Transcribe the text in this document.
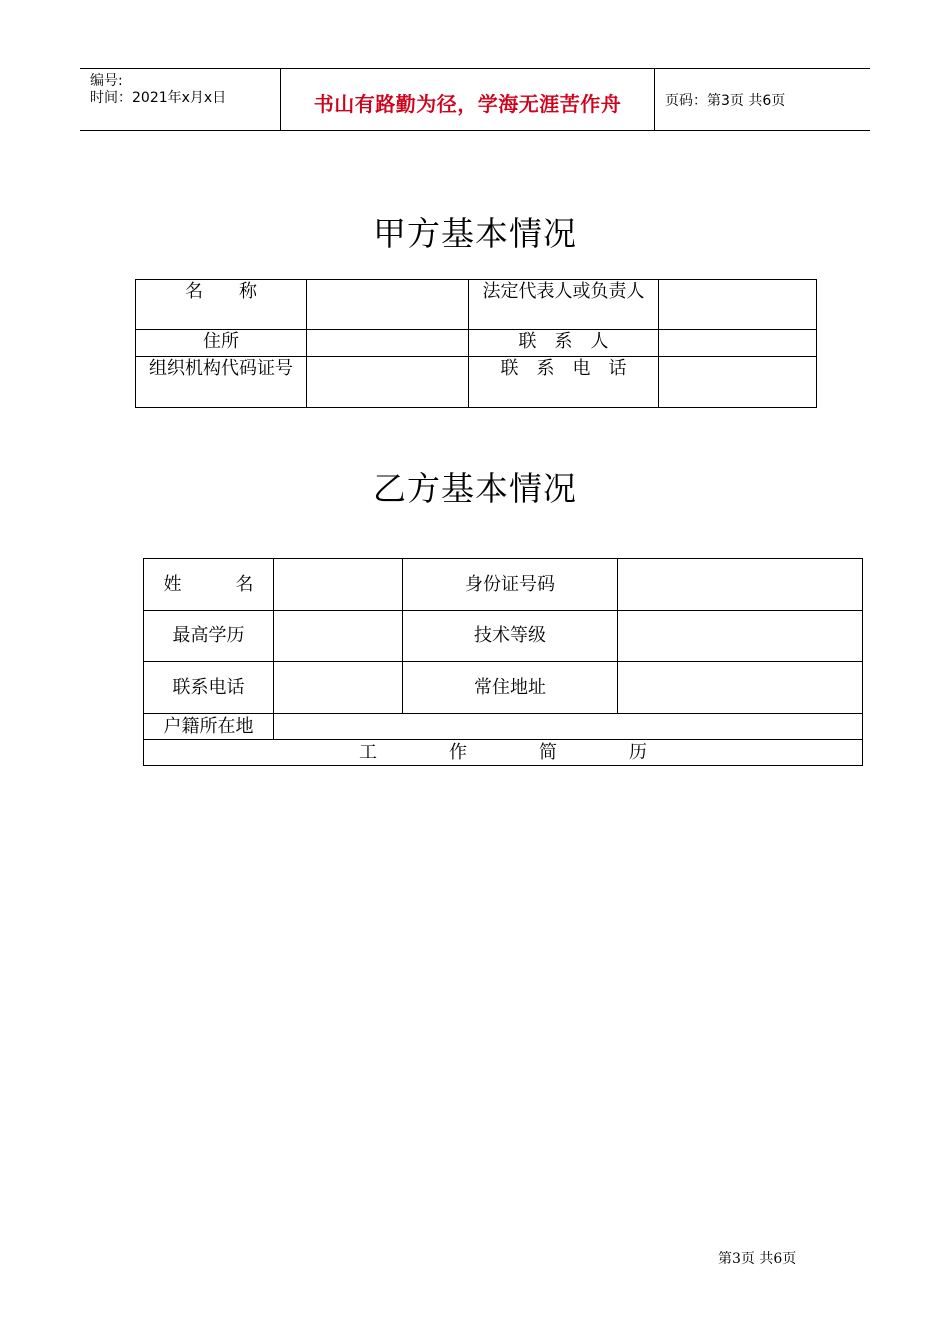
编号:
时间：2021年x月x日	书山有路勤为径，学海无涯苦作舟	页码：第3页 共6页
甲方基本情况
名　　称		法定代表人或负责人	
住所		联　系　人	
组织机构代码证号		联　系　电　话	
乙方基本情况
姓　　　名		身份证号码	
最高学历		技术等级	
联系电话		常住地址	
户籍所在地			
工　　　　作　　　　简　　　　历			
第3页 共6页
